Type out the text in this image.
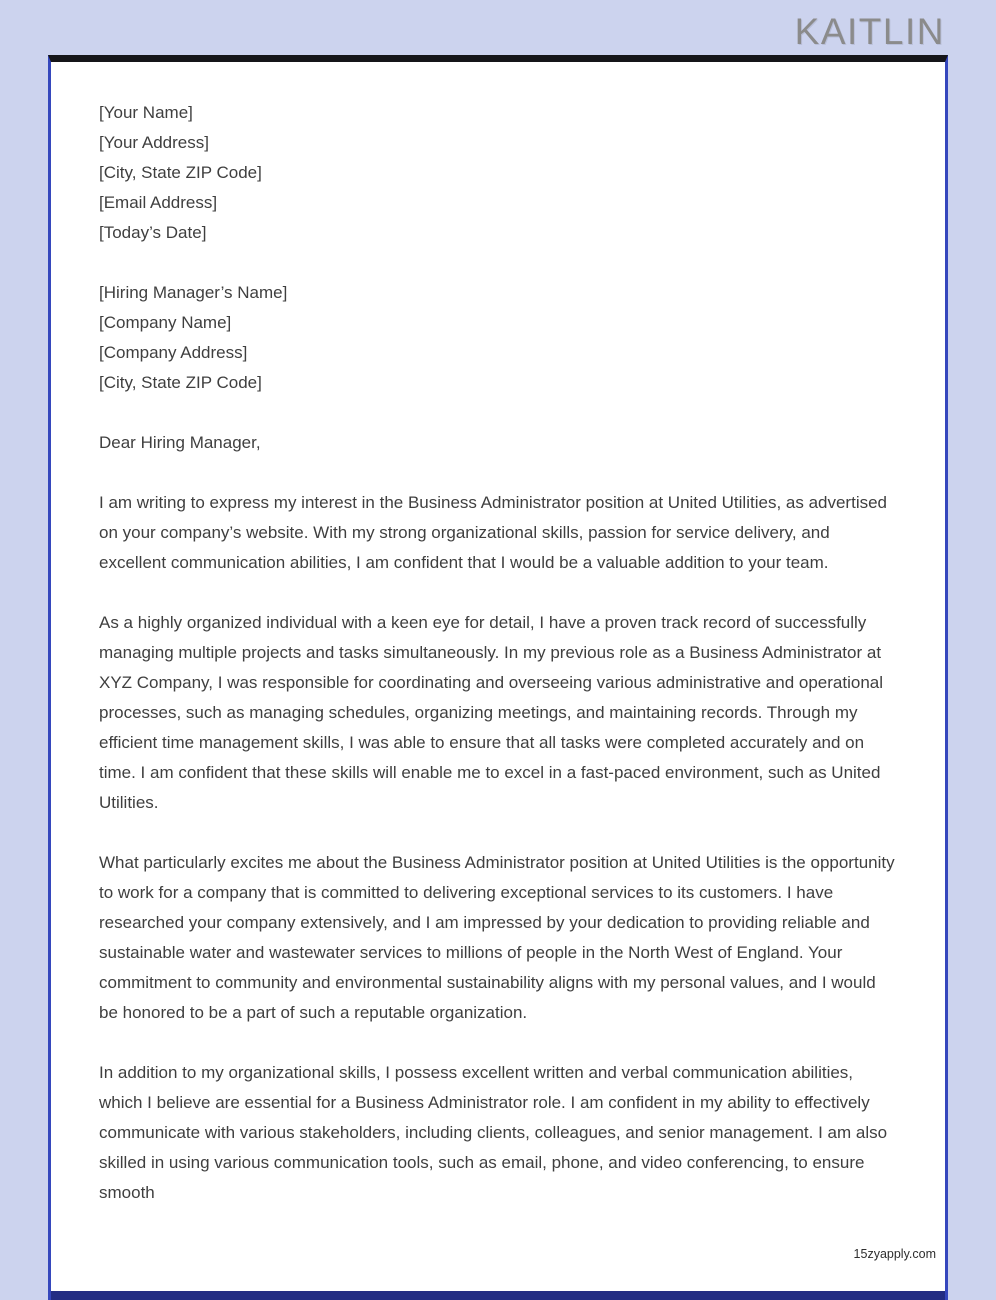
KAITLIN
[Your Name]
[Your Address]
[City, State ZIP Code]
[Email Address]
[Today’s Date]
[Hiring Manager’s Name]
[Company Name]
[Company Address]
[City, State ZIP Code]
Dear Hiring Manager,

I am writing to express my interest in the Business Administrator position at United Utilities, as advertised on your company’s website. With my strong organizational skills, passion for service delivery, and excellent communication abilities, I am confident that I would be a valuable addition to your team.

As a highly organized individual with a keen eye for detail, I have a proven track record of successfully managing multiple projects and tasks simultaneously. In my previous role as a Business Administrator at XYZ Company, I was responsible for coordinating and overseeing various administrative and operational processes, such as managing schedules, organizing meetings, and maintaining records. Through my efficient time management skills, I was able to ensure that all tasks were completed accurately and on time. I am confident that these skills will enable me to excel in a fast-paced environment, such as United Utilities.

What particularly excites me about the Business Administrator position at United Utilities is the opportunity to work for a company that is committed to delivering exceptional services to its customers. I have researched your company extensively, and I am impressed by your dedication to providing reliable and sustainable water and wastewater services to millions of people in the North West of England. Your commitment to community and environmental sustainability aligns with my personal values, and I would be honored to be a part of such a reputable organization.

In addition to my organizational skills, I possess excellent written and verbal communication abilities, which I believe are essential for a Business Administrator role. I am confident in my ability to effectively communicate with various stakeholders, including clients, colleagues, and senior management. I am also skilled in using various communication tools, such as email, phone, and video conferencing, to ensure smooth

15zyapply.com
